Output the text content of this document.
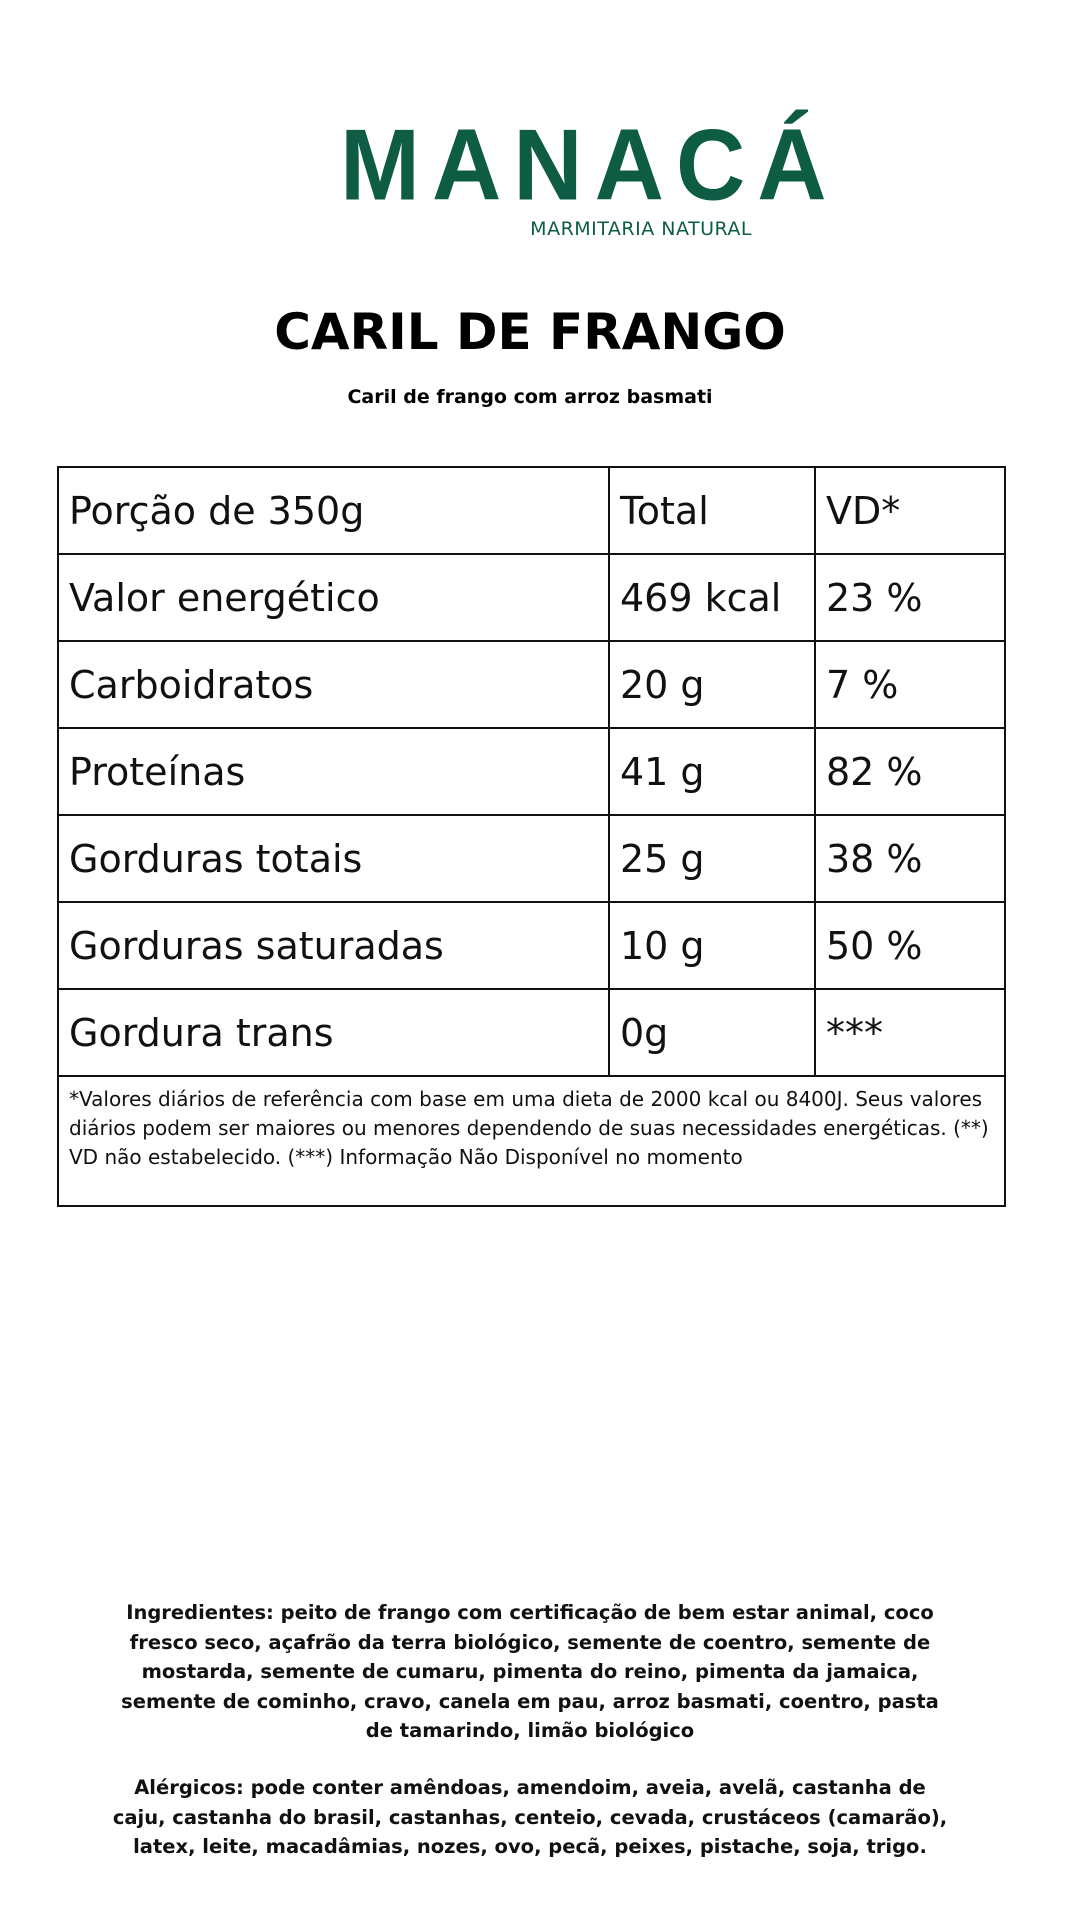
MANACÁ
MARMITARIA NATURAL
CARIL DE FRANGO
Caril de frango com arroz basmati
Porção de 350g	Total	VD*
Valor energético	469 kcal	23 %
Carboidratos	20 g	7 %
Proteínas	41 g	82 %
Gorduras totais	25 g	38 %
Gorduras saturadas	10 g	50 %
Gordura trans	0g	***
*Valores diários de referência com base em uma dieta de 2000 kcal ou 8400J. Seus valores diários podem ser maiores ou menores dependendo de suas necessidades energéticas. (**) VD não estabelecido. (***) Informação Não Disponível no momento		
Ingredientes: peito de frango com certificação de bem estar animal, coco fresco seco, açafrão da terra biológico, semente de coentro, semente de mostarda, semente de cumaru, pimenta do reino, pimenta da jamaica, semente de cominho, cravo, canela em pau, arroz basmati, coentro, pasta de tamarindo, limão biológico
Alérgicos: pode conter amêndoas, amendoim, aveia, avelã, castanha de caju, castanha do brasil, castanhas, centeio, cevada, crustáceos (camarão), latex, leite, macadâmias, nozes, ovo, pecã, peixes, pistache, soja, trigo.
